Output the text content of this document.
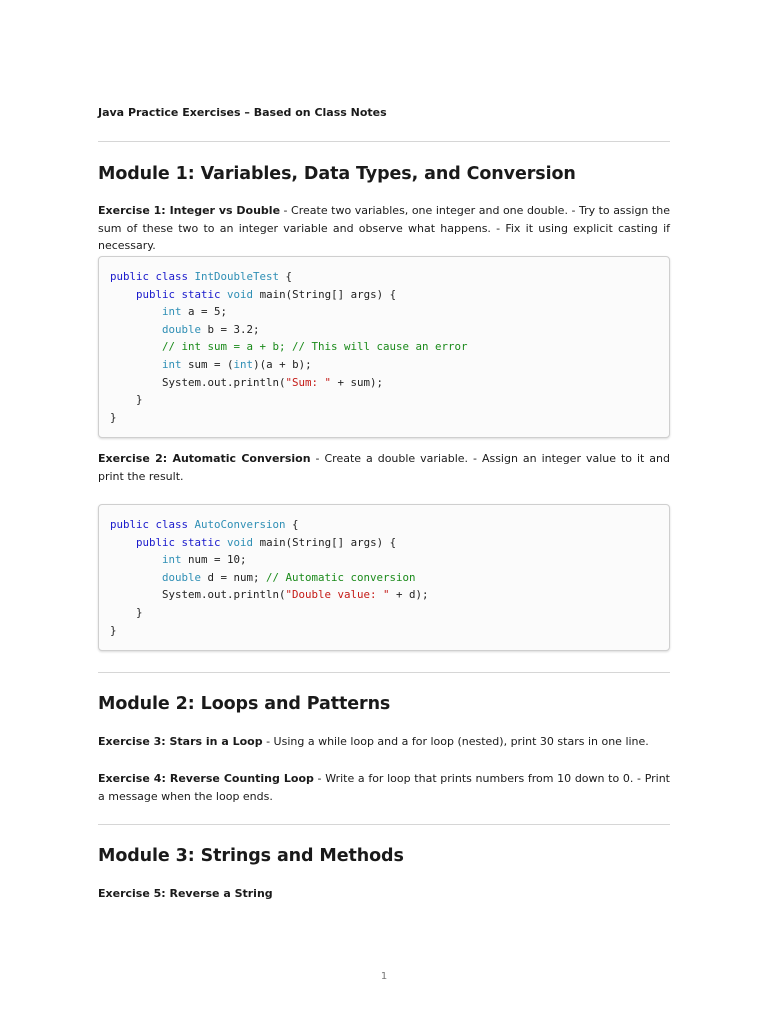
Java Practice Exercises – Based on Class Notes
Module 1: Variables, Data Types, and Conversion
Exercise 1: Integer vs Double - Create two variables, one integer and one double. - Try to assign the sum of these two to an integer variable and observe what happens. - Fix it using explicit casting if necessary.
public class IntDoubleTest {
public static void main(String[] args) {
int a = 5;
double b = 3.2;
// int sum = a + b; // This will cause an error
int sum = (int)(a + b);
System.out.println("Sum: " + sum);
}
}
Exercise 2: Automatic Conversion - Create a double variable. - Assign an integer value to it and print the result.
public class AutoConversion {
public static void main(String[] args) {
int num = 10;
double d = num; // Automatic conversion
System.out.println("Double value: " + d);
}
}
Module 2: Loops and Patterns
Exercise 3: Stars in a Loop - Using a while loop and a for loop (nested), print 30 stars in one line.
Exercise 4: Reverse Counting Loop - Write a for loop that prints numbers from 10 down to 0. - Print a message when the loop ends.
Module 3: Strings and Methods
Exercise 5: Reverse a String
1
